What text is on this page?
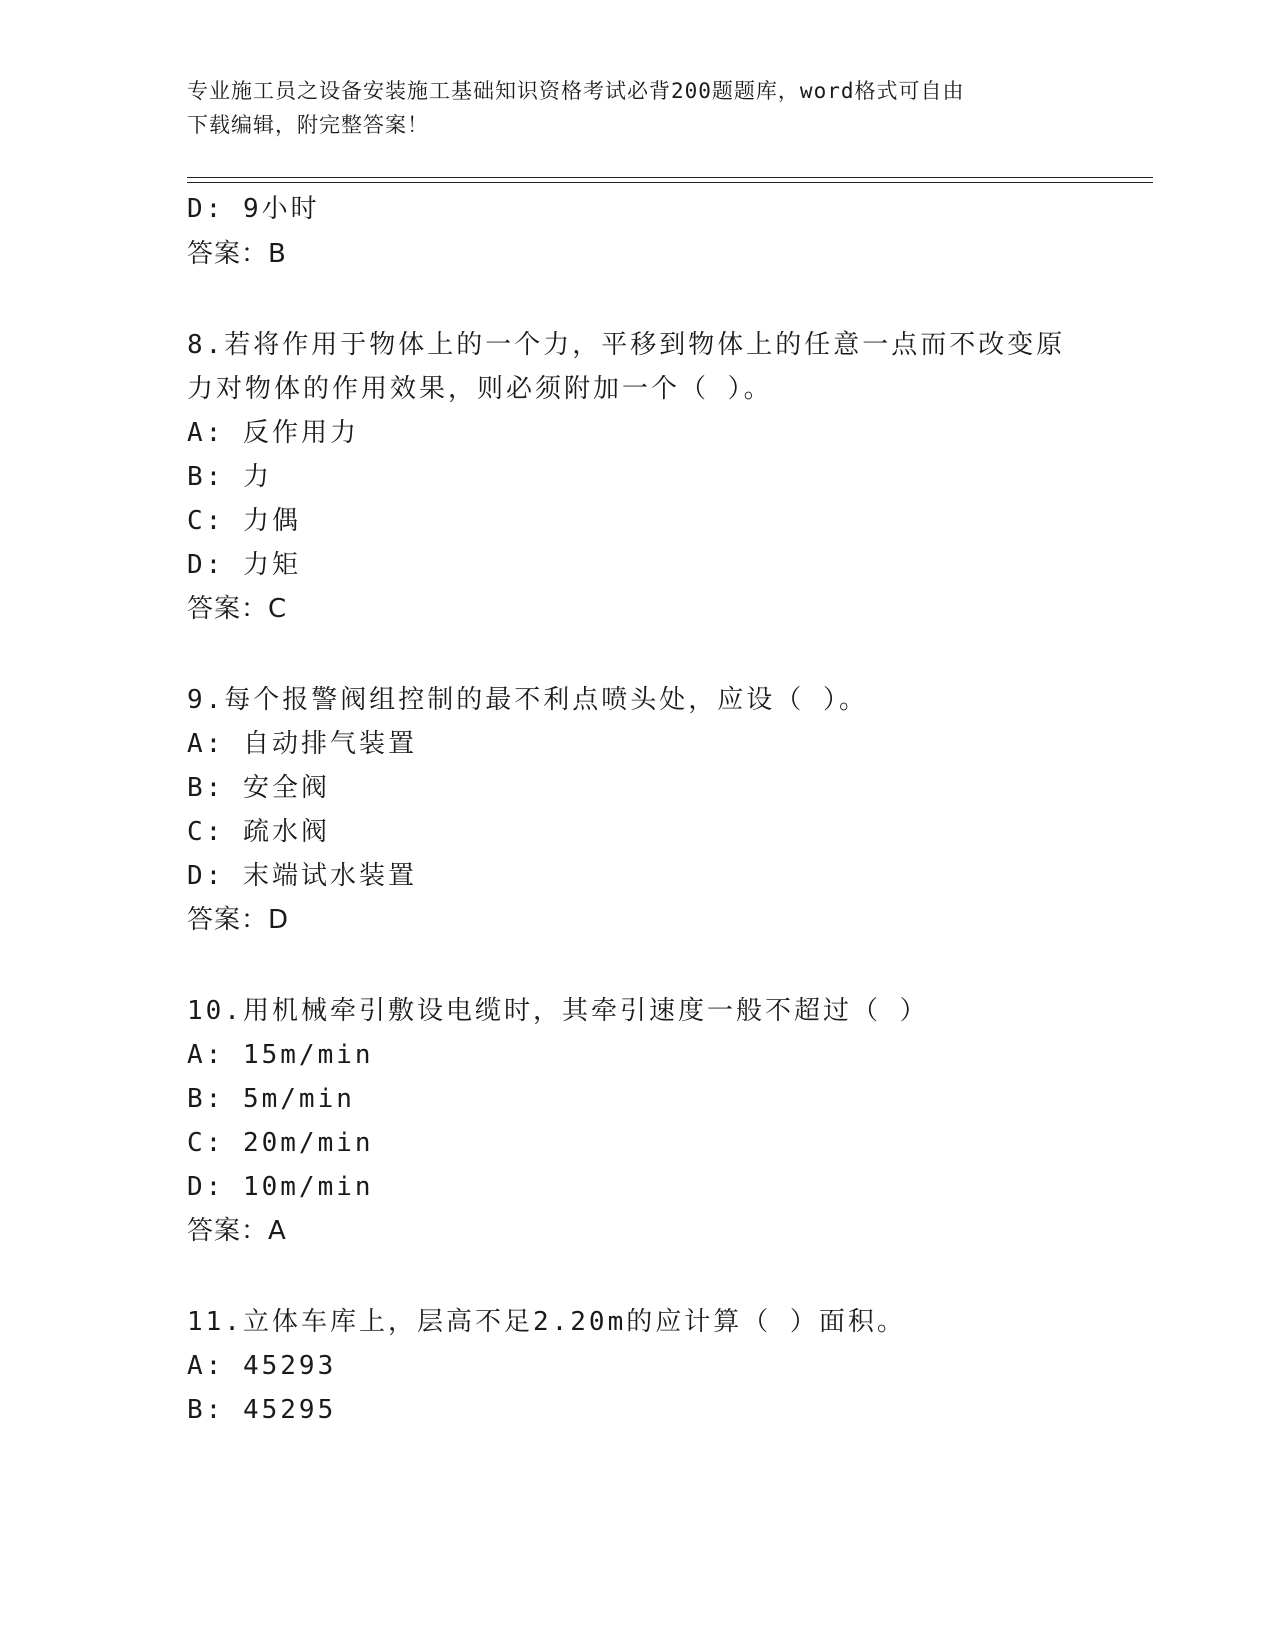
专业施工员之设备安装施工基础知识资格考试必背200题题库，word格式可自由
下载编辑，附完整答案！
D: 9小时
答案：B
8.若将作用于物体上的一个力，平移到物体上的任意一点而不改变原
力对物体的作用效果，则必须附加一个（ ）。
A: 反作用力
B: 力
C: 力偶
D: 力矩
答案：C
9.每个报警阀组控制的最不利点喷头处，应设（ ）。
A: 自动排气装置
B: 安全阀
C: 疏水阀
D: 末端试水装置
答案：D
10.用机械牵引敷设电缆时，其牵引速度一般不超过（ ）
A: 15m/min
B: 5m/min
C: 20m/min
D: 10m/min
答案：A
11.立体车库上，层高不足2.20m的应计算（ ）面积。
A: 45293
B: 45295
